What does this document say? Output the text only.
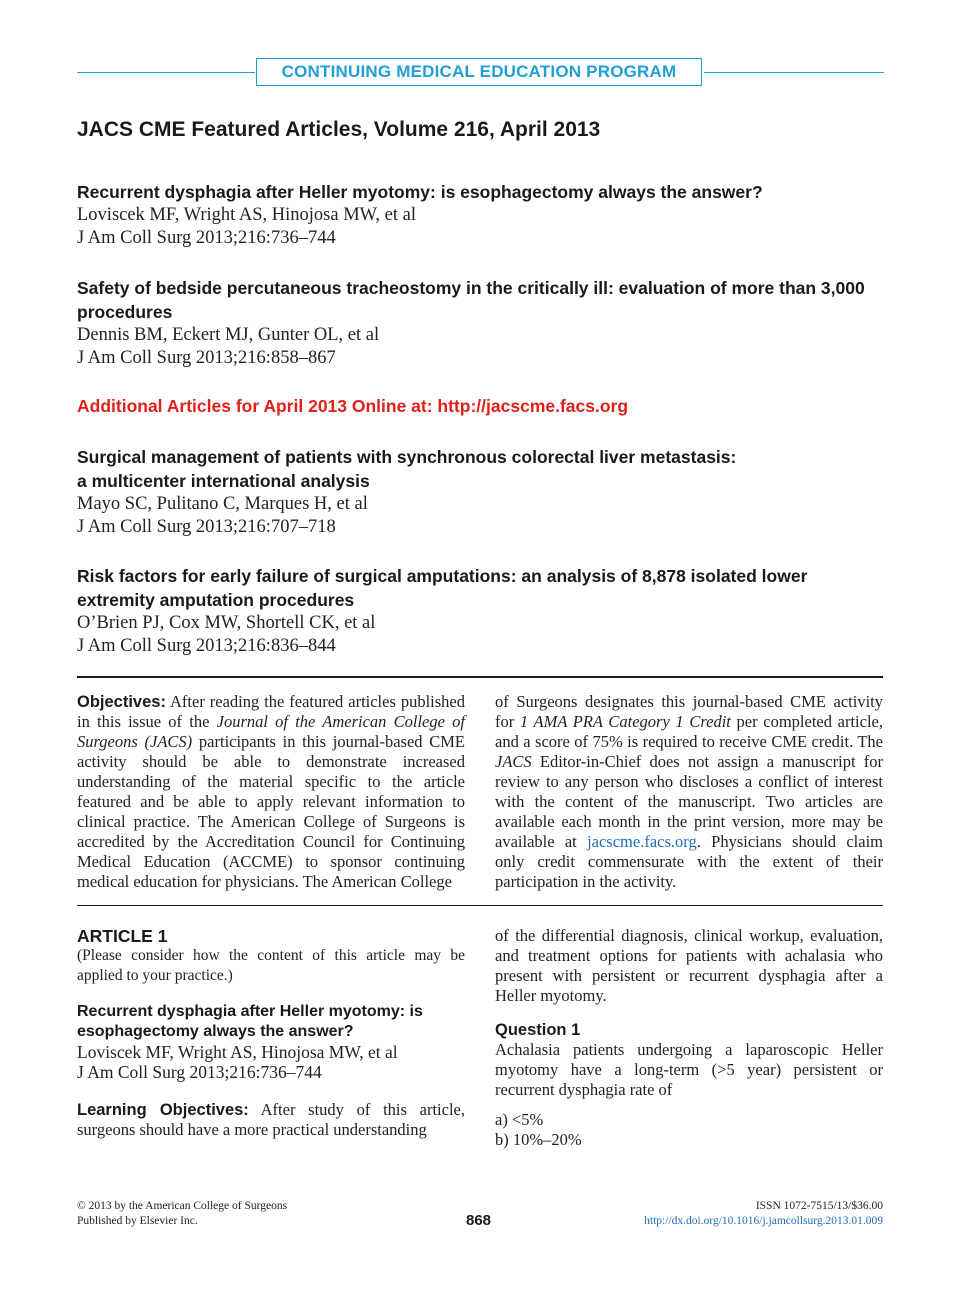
CONTINUING MEDICAL EDUCATION PROGRAM
JACS CME Featured Articles, Volume 216, April 2013
Recurrent dysphagia after Heller myotomy: is esophagectomy always the answer?
Loviscek MF, Wright AS, Hinojosa MW, et al
J Am Coll Surg 2013;216:736–744
Safety of bedside percutaneous tracheostomy in the critically ill: evaluation of more than 3,000 procedures
Dennis BM, Eckert MJ, Gunter OL, et al
J Am Coll Surg 2013;216:858–867
Additional Articles for April 2013 Online at: http://jacscme.facs.org
Surgical management of patients with synchronous colorectal liver metastasis:
a multicenter international analysis
Mayo SC, Pulitano C, Marques H, et al
J Am Coll Surg 2013;216:707–718
Risk factors for early failure of surgical amputations: an analysis of 8,878 isolated lower extremity amputation procedures
O’Brien PJ, Cox MW, Shortell CK, et al
J Am Coll Surg 2013;216:836–844
Objectives: After reading the featured articles published in this issue of the Journal of the American College of Surgeons (JACS) participants in this journal-based CME activity should be able to demonstrate increased understanding of the material specific to the article featured and be able to apply relevant information to clinical practice. The American College of Surgeons is accredited by the Accreditation Council for Continuing Medical Education (ACCME) to sponsor continuing medical education for physicians. The American College
of Surgeons designates this journal-based CME activity for 1 AMA PRA Category 1 Credit per completed article, and a score of 75% is required to receive CME credit. The JACS Editor-in-Chief does not assign a manuscript for review to any person who discloses a conflict of interest with the content of the manuscript. Two articles are available each month in the print version, more may be available at jacscme.facs.org. Physicians should claim only credit commensurate with the extent of their participation in the activity.
ARTICLE 1
(Please consider how the content of this article may be applied to your practice.)
Recurrent dysphagia after Heller myotomy: is esophagectomy always the answer?
Loviscek MF, Wright AS, Hinojosa MW, et al
J Am Coll Surg 2013;216:736–744
Learning Objectives: After study of this article, surgeons should have a more practical understanding
of the differential diagnosis, clinical workup, evaluation, and treatment options for patients with achalasia who present with persistent or recurrent dysphagia after a Heller myotomy.
Question 1
Achalasia patients undergoing a laparoscopic Heller myotomy have a long-term (>5 year) persistent or recurrent dysphagia rate of
a) <5%
b) 10%–20%
© 2013 by the American College of Surgeons
Published by Elsevier Inc.	868
ISSN 1072-7515/13/$36.00
http://dx.doi.org/10.1016/j.jamcollsurg.2013.01.009
